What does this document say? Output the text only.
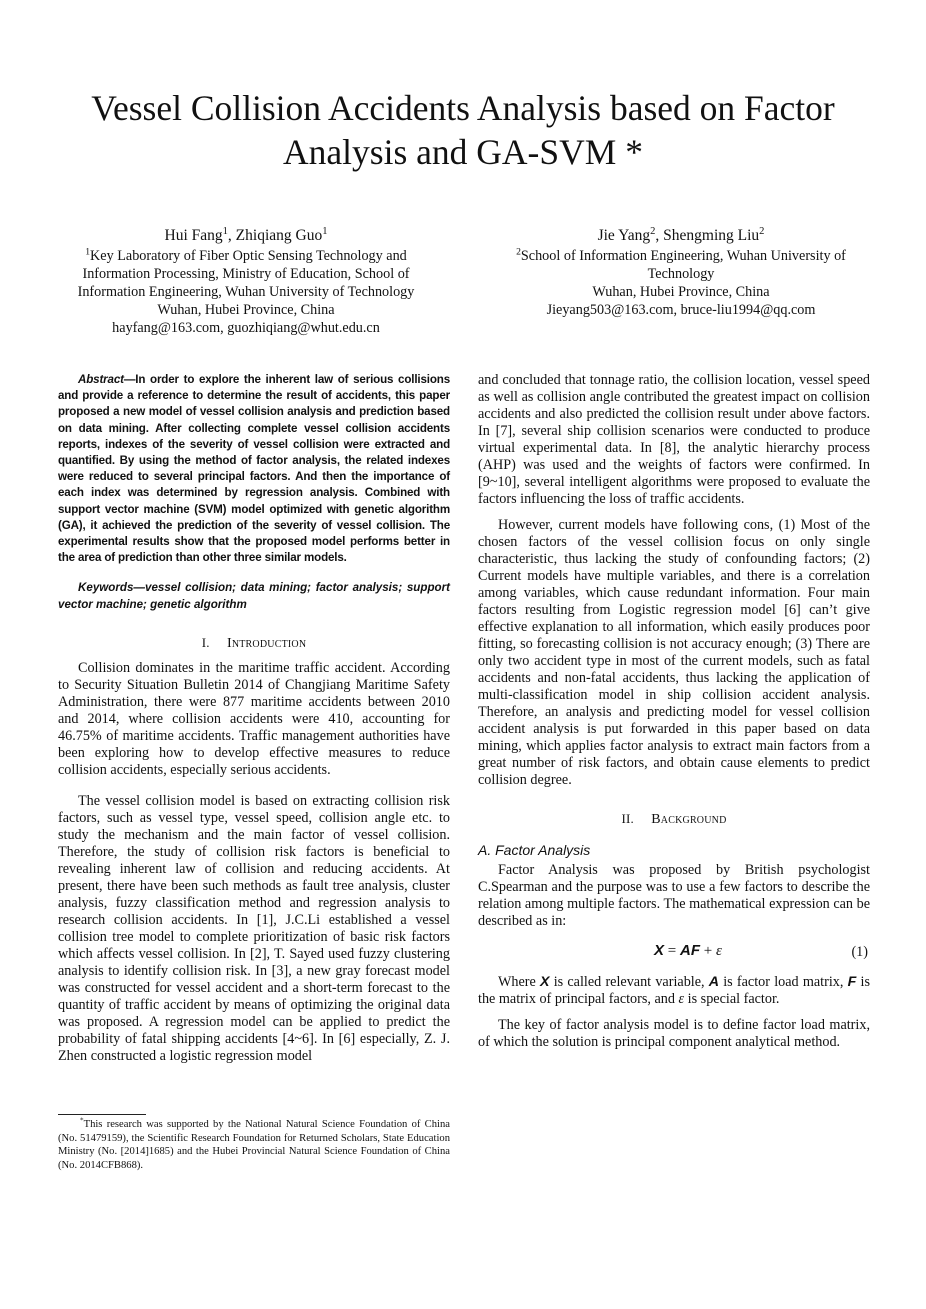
Vessel Collision Accidents Analysis based on Factor Analysis and GA-SVM *
Hui Fang$^1$, Zhiqiang Guo$^1$
$^1$Key Laboratory of Fiber Optic Sensing Technology and
Information Processing, Ministry of Education, School of
Information Engineering, Wuhan University of Technology
Wuhan, Hubei Province, China
hayfang@163.com, guozhiqiang@whut.edu.cn
Jie Yang$^2$, Shengming Liu$^2$
$^2$School of Information Engineering, Wuhan University of
Technology
Wuhan, Hubei Province, China
Jieyang503@163.com, bruce-liu1994@qq.com

Abstract—In order to explore the inherent law of serious collisions and provide a reference to determine the result of accidents, this paper proposed a new model of vessel collision analysis and prediction based on data mining. After collecting complete vessel collision accidents reports, indexes of the severity of vessel collision were extracted and quantified. By using the method of factor analysis, the related indexes were reduced to several principal factors. And then the importance of each index was determined by regression analysis. Combined with support vector machine (SVM) model optimized with genetic algorithm (GA), it achieved the prediction of the severity of vessel collision. The experimental results show that the proposed model performs better in the area of prediction than other three similar models.

Keywords—vessel collision; data mining; factor analysis; support vector machine; genetic algorithm

I. Introduction

Collision dominates in the maritime traffic accident. According to Security Situation Bulletin 2014 of Changjiang Maritime Safety Administration, there were 877 maritime accidents between 2010 and 2014, where collision accidents were 410, accounting for 46.75% of maritime accidents. Traffic management authorities have been exploring how to develop effective measures to reduce collision accidents, especially serious accidents.

The vessel collision model is based on extracting collision risk factors, such as vessel type, vessel speed, collision angle etc. to study the mechanism and the main factor of vessel collision. Therefore, the study of collision risk factors is beneficial to revealing inherent law of collision and reducing accidents. At present, there have been such methods as fault tree analysis, cluster analysis, fuzzy classification method and regression analysis to research collision accidents. In [1], J.C.Li established a vessel collision tree model to complete prioritization of basic risk factors which affects vessel collision. In [2], T. Sayed used fuzzy clustering analysis to identify collision risk. In [3], a new gray forecast model was constructed for vessel accident and a short-term forecast to the quantity of traffic accident by means of optimizing the original data was proposed. A regression model can be applied to predict the probability of fatal shipping accidents [4~6]. In [6] especially, Z. J. Zhen constructed a logistic regression model

*This research was supported by the National Natural Science Foundation of China (No. 51479159), the Scientific Research Foundation for Returned Scholars, State Education Ministry (No. [2014]1685) and the Hubei Provincial Natural Science Foundation of China (No. 2014CFB868).

and concluded that tonnage ratio, the collision location, vessel speed as well as collision angle contributed the greatest impact on collision accidents and also predicted the collision result under above factors. In [7], several ship collision scenarios were conducted to produce virtual experimental data. In [8], the analytic hierarchy process (AHP) was used and the weights of factors were confirmed. In [9~10], several intelligent algorithms were proposed to evaluate the factors influencing the loss of traffic accidents.

However, current models have following cons, (1) Most of the chosen factors of the vessel collision focus on only single characteristic, thus lacking the study of confounding factors; (2) Current models have multiple variables, and there is a correlation among variables, which cause redundant information. Four main factors resulting from Logistic regression model [6] can’t give effective explanation to all information, which easily produces poor fitting, so forecasting collision is not accuracy enough; (3) There are only two accident type in most of the current models, such as fatal accidents and non-fatal accidents, thus lacking the application of multi-classification model in ship collision accident analysis. Therefore, an analysis and predicting model for vessel collision accident analysis is put forwarded in this paper based on data mining, which applies factor analysis to extract main factors from a great number of risk factors, and obtain cause elements to predict collision degree.

II. Background
A. Factor Analysis

Factor Analysis was proposed by British psychologist C.Spearman and the purpose was to use a few factors to describe the relation among multiple factors. The mathematical expression can be described as in:

X = AF + ε	(1)

Where X is called relevant variable, A is factor load matrix, F is the matrix of principal factors, and ε is special factor.

The key of factor analysis model is to define factor load matrix, of which the solution is principal component analytical method.
